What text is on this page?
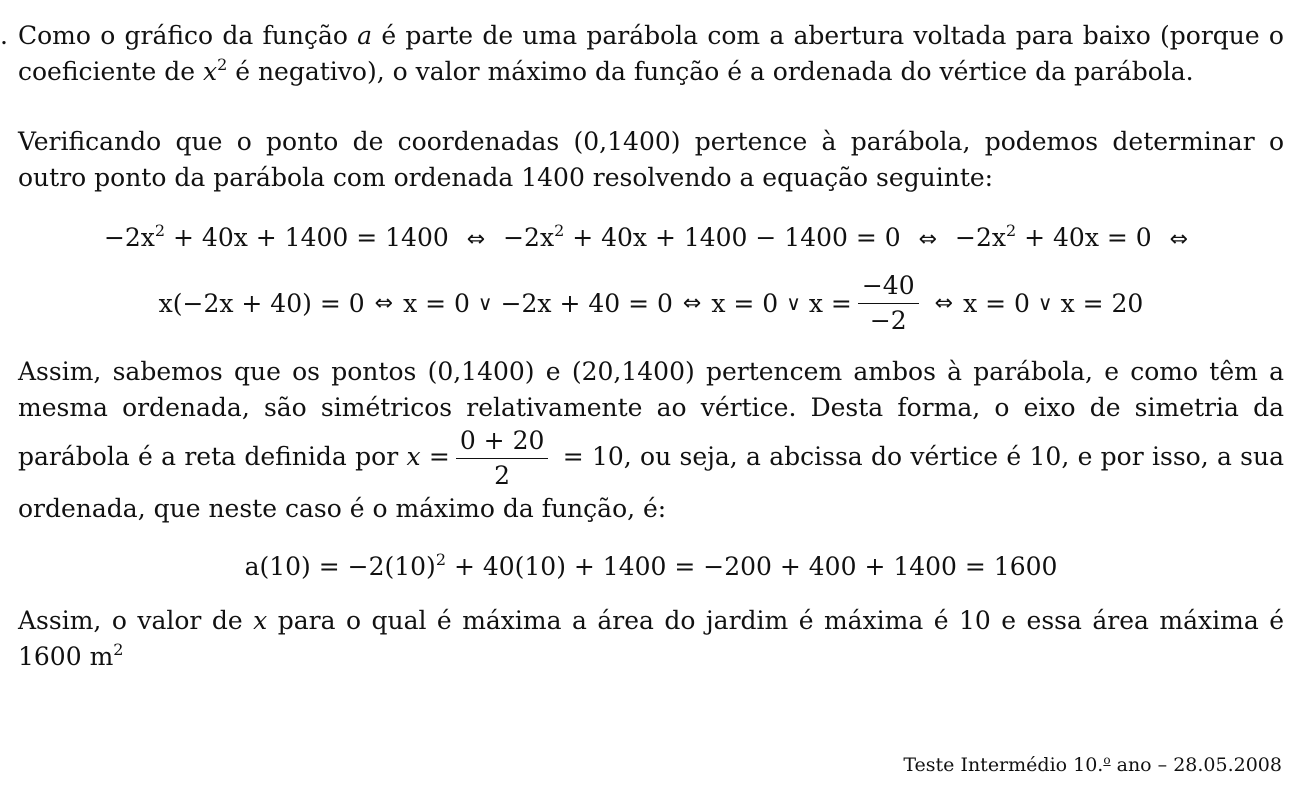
. Como o gráfico da função a é parte de uma parábola com a abertura voltada para baixo (porque o coeficiente de $x^2$ é negativo), o valor máximo da função é a ordenada do vértice da parábola.

Verificando que o ponto de coordenadas (0,1400) pertence à parábola, podemos determinar o outro ponto da parábola com ordenada 1400 resolvendo a equação seguinte:

$-2x^2 + 40x + 1400 = 1400$ ⇔ $-2x^2 + 40x + 1400 - 1400 = 0$ ⇔ $-2x^2 + 40x = 0$ ⇔
x(−2x + 40) = 0 ⇔ x = 0 ∨ −2x + 40 = 0 ⇔ x = 0 ∨ $x = \frac{-40}{-2}$ ⇔ x = 0 ∨ x = 20

Assim, sabemos que os pontos (0,1400) e (20,1400) pertencem ambos à parábola, e como têm a mesma ordenada, são simétricos relativamente ao vértice. Desta forma, o eixo de simetria da parábola é a reta definida por $x = \frac{0 + 20}{2} = 10$, ou seja, a abcissa do vértice é 10, e por isso, a sua ordenada, que neste caso é o máximo da função, é:

$a(10) = -2(10)^2 + 40(10) + 1400 = -200 + 400 + 1400 = 1600$

Assim, o valor de x para o qual é máxima a área do jardim é máxima é 10 e essa área máxima é 1600 $m^2$

Teste Intermédio 10.$^o$ ano – 28.05.2008
